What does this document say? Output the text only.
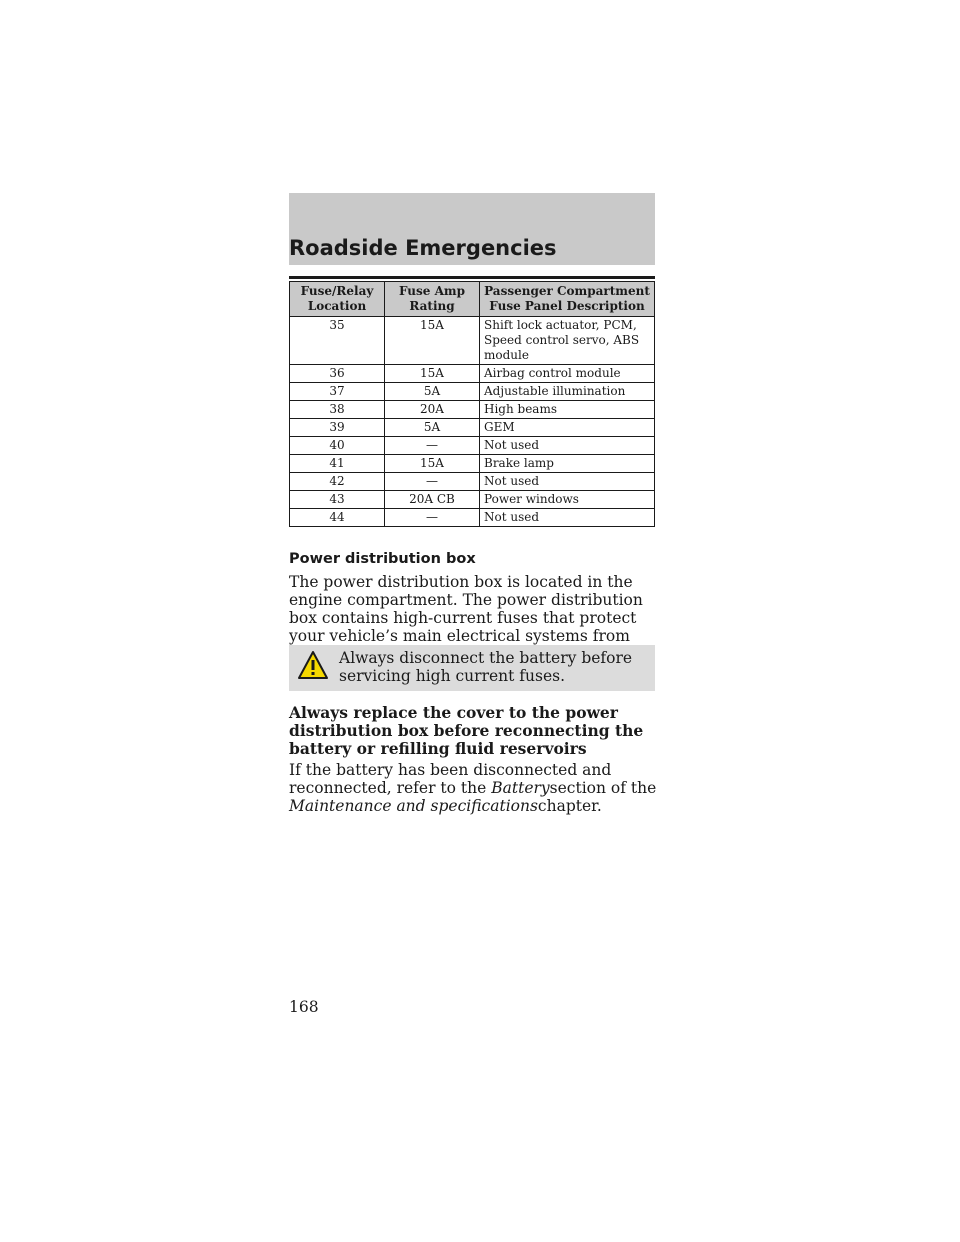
Roadside Emergencies
Fuse/Relay Location	Fuse Amp Rating	Passenger Compartment Fuse Panel Description
35	15A	Shift lock actuator, PCM, Speed control servo, ABS module
36	15A	Airbag control module
37	5A	Adjustable illumination
38	20A	High beams
39	5A	GEM
40	—	Not used
41	15A	Brake lamp
42	—	Not used
43	20A CB	Power windows
44	—	Not used
Power distribution box
The power distribution box is located in the engine compartment. The power distribution box contains high-current fuses that protect your vehicle’s main electrical systems from
Always disconnect the battery before servicing high current fuses.
Always replace the cover to the power distribution box before reconnecting the battery or refilling fluid reservoirs
If the battery has been disconnected and reconnected, refer to the Batterysection of the Maintenance and specificationschapter.
168
